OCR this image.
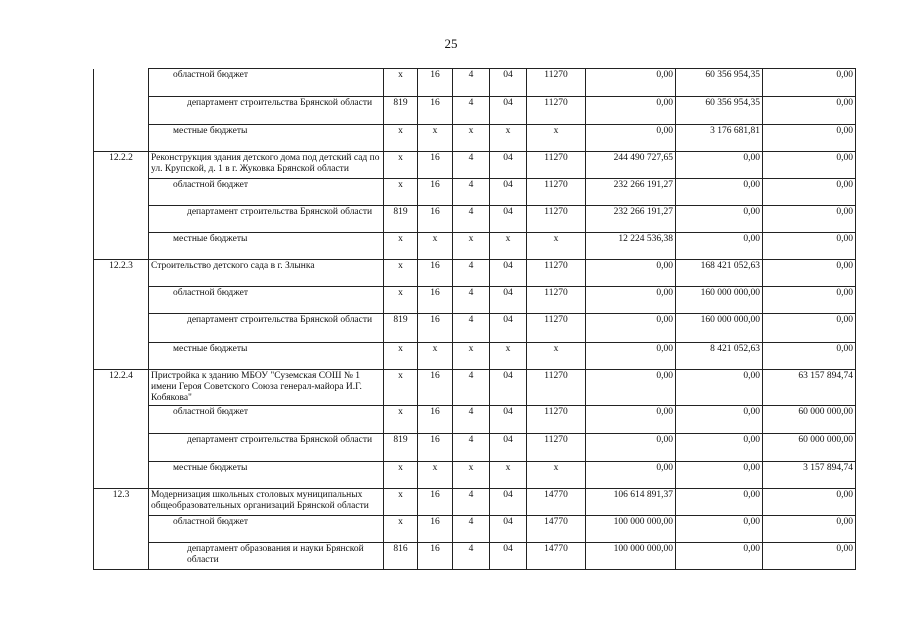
25
	областной бюджет	х	16	4	04	11270	0,00	60 356 954,35	0,00
	департамент строительства Брянской области	819	16	4	04	11270	0,00	60 356 954,35	0,00
	местные бюджеты	х	х	х	х	х	0,00	3 176 681,81	0,00
12.2.2	Реконструкция здания детского дома под детский сад по ул. Крупской, д. 1 в г. Жуковка Брянской области	х	16	4	04	11270	244 490 727,65	0,00	0,00
	областной бюджет	х	16	4	04	11270	232 266 191,27	0,00	0,00
	департамент строительства Брянской области	819	16	4	04	11270	232 266 191,27	0,00	0,00
	местные бюджеты	х	х	х	х	х	12 224 536,38	0,00	0,00
12.2.3	Строительство детского сада в г. Злынка	х	16	4	04	11270	0,00	168 421 052,63	0,00
	областной бюджет	х	16	4	04	11270	0,00	160 000 000,00	0,00
	департамент строительства Брянской области	819	16	4	04	11270	0,00	160 000 000,00	0,00
	местные бюджеты	х	х	х	х	х	0,00	8 421 052,63	0,00
12.2.4	Пристройка к зданию МБОУ "Суземская СОШ № 1 имени Героя Советского Союза генерал-майора И.Г. Кобякова"	х	16	4	04	11270	0,00	0,00	63 157 894,74
	областной бюджет	х	16	4	04	11270	0,00	0,00	60 000 000,00
	департамент строительства Брянской области	819	16	4	04	11270	0,00	0,00	60 000 000,00
	местные бюджеты	х	х	х	х	х	0,00	0,00	3 157 894,74
12.3	Модернизация школьных столовых муниципальных общеобразовательных организаций Брянской области	х	16	4	04	14770	106 614 891,37	0,00	0,00
	областной бюджет	х	16	4	04	14770	100 000 000,00	0,00	0,00
	департамент образования и науки Брянской области	816	16	4	04	14770	100 000 000,00	0,00	0,00
